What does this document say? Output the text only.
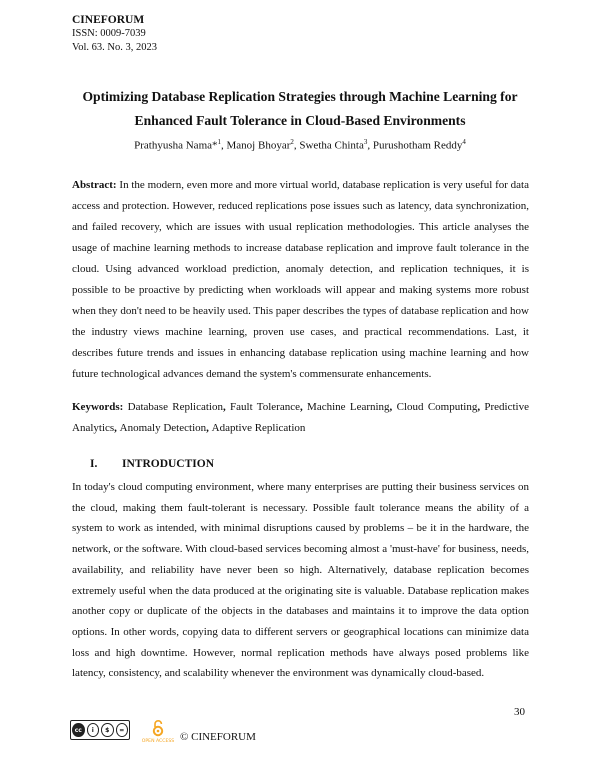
CINEFORUM
ISSN: 0009-7039
Vol. 63. No. 3, 2023
Optimizing Database Replication Strategies through Machine Learning for
Enhanced Fault Tolerance in Cloud-Based Environments
Prathyusha Nama*$^1$, Manoj Bhoyar$^2$, Swetha Chinta$^3$, Purushotham Reddy$^4$

Abstract: In the modern, even more and more virtual world, database replication is very useful for data access and protection. However, reduced replications pose issues such as latency, data synchronization, and failed recovery, which are issues with usual replication methodologies. This article analyses the usage of machine learning methods to increase database replication and improve fault tolerance in the cloud. Using advanced workload prediction, anomaly detection, and replication techniques, it is possible to be proactive by predicting when workloads will appear and making systems more robust when they don't need to be heavily used. This paper describes the types of database replication and how the industry views machine learning, proven use cases, and practical recommendations. Last, it describes future trends and issues in enhancing database replication using machine learning and how future technological advances demand the system's commensurate enhancements.

Keywords: Database Replication, Fault Tolerance, Machine Learning, Cloud Computing, Predictive Analytics, Anomaly Detection, Adaptive Replication

I. INTRODUCTION

In today's cloud computing environment, where many enterprises are putting their business services on the cloud, making them fault-tolerant is necessary. Possible fault tolerance means the ability of a system to work as intended, with minimal disruptions caused by problems – be it in the hardware, the network, or the software. With cloud-based services becoming almost a 'must-have' for business, needs, availability, and reliability have never been so high. Alternatively, database replication becomes extremely useful when the data produced at the originating site is valuable. Database replication makes another copy or duplicate of the objects in the databases and maintains it to improve the data option options. In other words, copying data to different servers or geographical locations can minimize data loss and high downtime. However, normal replication methods have always posed problems like latency, consistency, and scalability whenever the environment was dynamically cloud-based.

30
cc	i	$	=
OPEN ACCESS © CINEFORUM
